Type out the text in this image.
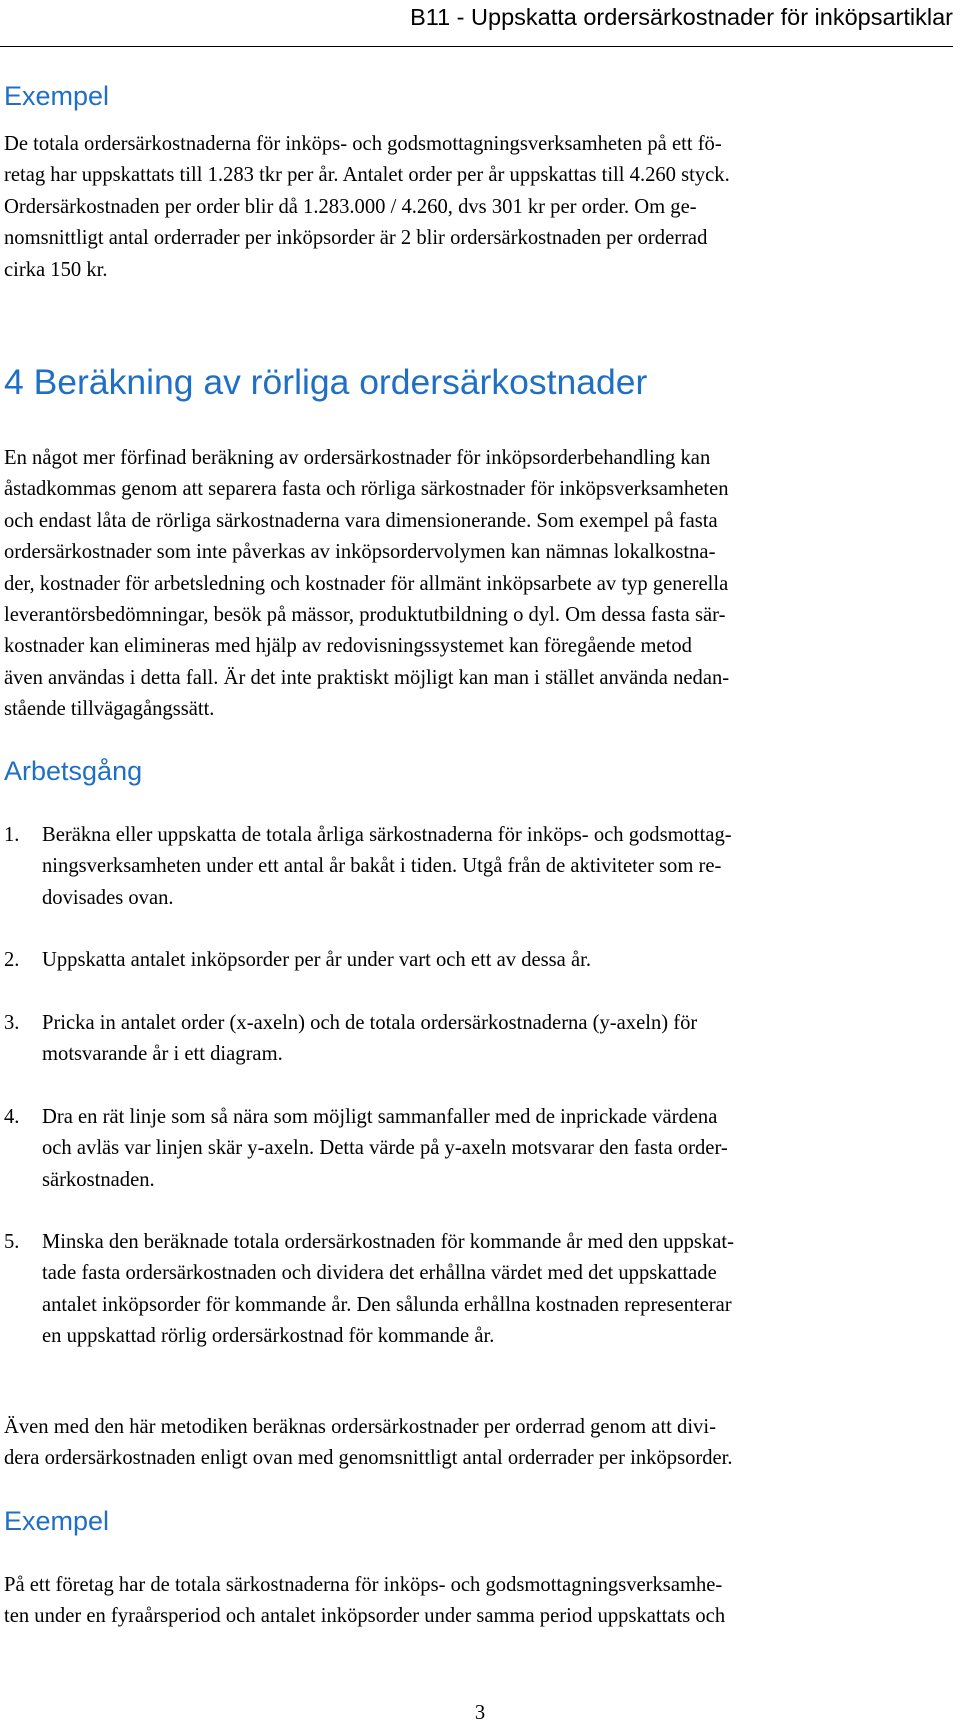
B11 - Uppskatta ordersärkostnader för inköpsartiklar
Exempel
De totala ordersärkostnaderna för inköps- och godsmottagningsverksamheten på ett fö-
retag har uppskattats till 1.283 tkr per år. Antalet order per år uppskattas till 4.260 styck.
Ordersärkostnaden per order blir då 1.283.000 / 4.260, dvs 301 kr per order. Om ge-
nomsnittligt antal orderrader per inköpsorder är 2 blir ordersärkostnaden per orderrad
cirka 150 kr.
4 Beräkning av rörliga ordersärkostnader
En något mer förfinad beräkning av ordersärkostnader för inköpsorderbehandling kan
åstadkommas genom att separera fasta och rörliga särkostnader för inköpsverksamheten
och endast låta de rörliga särkostnaderna vara dimensionerande. Som exempel på fasta
ordersärkostnader som inte påverkas av inköpsordervolymen kan nämnas lokalkostna-
der, kostnader för arbetsledning och kostnader för allmänt inköpsarbete av typ generella
leverantörsbedömningar, besök på mässor, produktutbildning o dyl. Om dessa fasta sär-
kostnader kan elimineras med hjälp av redovisningssystemet kan föregående metod
även användas i detta fall. Är det inte praktiskt möjligt kan man i stället använda nedan-
stående tillvägagångssätt.
Arbetsgång
1. Beräkna eller uppskatta de totala årliga särkostnaderna för inköps- och godsmottag-
ningsverksamheten under ett antal år bakåt i tiden. Utgå från de aktiviteter som re-
dovisades ovan.
2. Uppskatta antalet inköpsorder per år under vart och ett av dessa år.
3. Pricka in antalet order (x-axeln) och de totala ordersärkostnaderna (y-axeln) för
motsvarande år i ett diagram.
4. Dra en rät linje som så nära som möjligt sammanfaller med de inprickade värdena
och avläs var linjen skär y-axeln. Detta värde på y-axeln motsvarar den fasta order-
särkostnaden.
5. Minska den beräknade totala ordersärkostnaden för kommande år med den uppskat-
tade fasta ordersärkostnaden och dividera det erhållna värdet med det uppskattade
antalet inköpsorder för kommande år. Den sålunda erhållna kostnaden representerar
en uppskattad rörlig ordersärkostnad för kommande år.
Även med den här metodiken beräknas ordersärkostnader per orderrad genom att divi-
dera ordersärkostnaden enligt ovan med genomsnittligt antal orderrader per inköpsorder.
Exempel
På ett företag har de totala särkostnaderna för inköps- och godsmottagningsverksamhe-
ten under en fyraårsperiod och antalet inköpsorder under samma period uppskattats och
3
